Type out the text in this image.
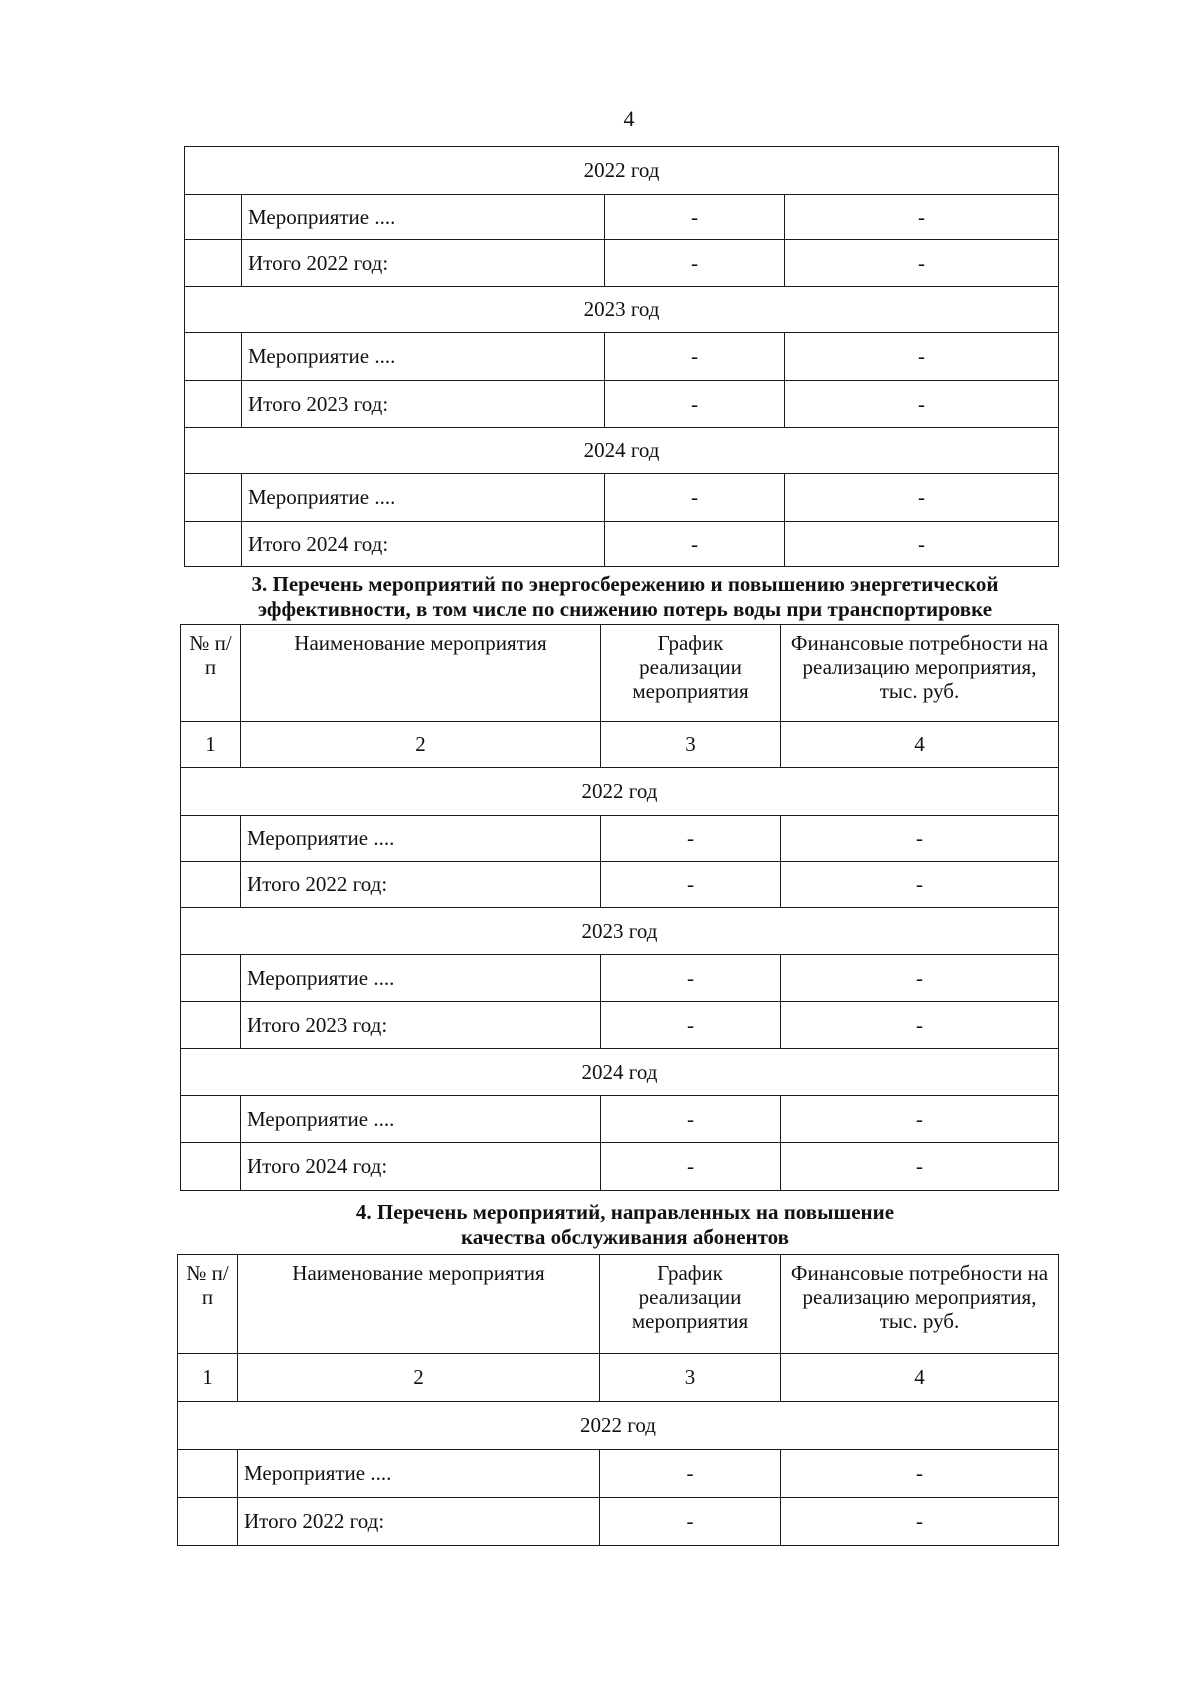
4
2022 год			
	Мероприятие ....	-	-
	Итого 2022 год:	-	-
2023 год			
	Мероприятие ....	-	-
	Итого 2023 год:	-	-
2024 год			
	Мероприятие ....	-	-
	Итого 2024 год:	-	-
3. Перечень мероприятий по энергосбережению и повышению энергетической
эффективности, в том числе по снижению потерь воды при транспортировке
№ п/п	Наименование мероприятия	График реализации мероприятия	Финансовые потребности на реализацию мероприятия, тыс. руб.
1	2	3	4
2022 год			
	Мероприятие ....	-	-
	Итого 2022 год:	-	-
2023 год			
	Мероприятие ....	-	-
	Итого 2023 год:	-	-
2024 год			
	Мероприятие ....	-	-
	Итого 2024 год:	-	-
4. Перечень мероприятий, направленных на повышение
качества обслуживания абонентов
№ п/п	Наименование мероприятия	График реализации мероприятия	Финансовые потребности на реализацию мероприятия, тыс. руб.
1	2	3	4
2022 год			
	Мероприятие ....	-	-
	Итого 2022 год:	-	-
